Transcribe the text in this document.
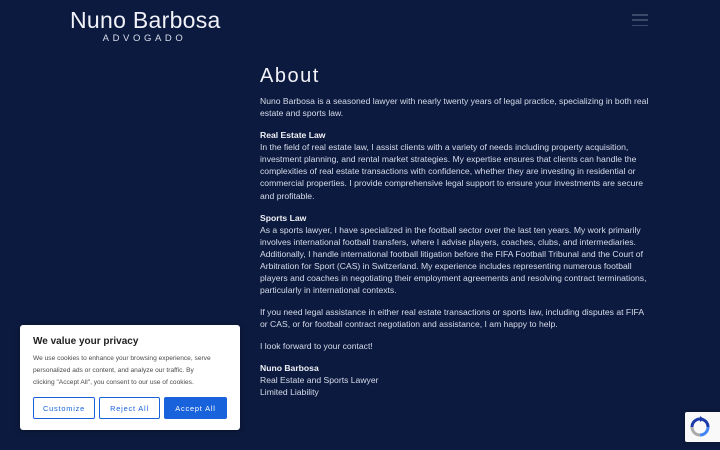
Nuno Barbosa
ADVOGADO
About
Nuno Barbosa is a seasoned lawyer with nearly twenty years of legal practice, specializing in both real
estate and sports law.
Real Estate Law
In the field of real estate law, I assist clients with a variety of needs including property acquisition,
investment planning, and rental market strategies. My expertise ensures that clients can handle the
complexities of real estate transactions with confidence, whether they are investing in residential or
commercial properties. I provide comprehensive legal support to ensure your investments are secure
and profitable.
Sports Law
As a sports lawyer, I have specialized in the football sector over the last ten years. My work primarily
involves international football transfers, where I advise players, coaches, clubs, and intermediaries.
Additionally, I handle international football litigation before the FIFA Football Tribunal and the Court of
Arbitration for Sport (CAS) in Switzerland. My experience includes representing numerous football
players and coaches in negotiating their employment agreements and resolving contract terminations,
particularly in international contexts.
If you need legal assistance in either real estate transactions or sports law, including disputes at FIFA
or CAS, or for football contract negotiation and assistance, I am happy to help.
I look forward to your contact!
Nuno Barbosa
Real Estate and Sports Lawyer
Limited Liability
We value your privacy
We use cookies to enhance your browsing experience, serve
personalized ads or content, and analyze our traffic. By
clicking "Accept All", you consent to our use of cookies.
Customize	Reject All	Accept All
